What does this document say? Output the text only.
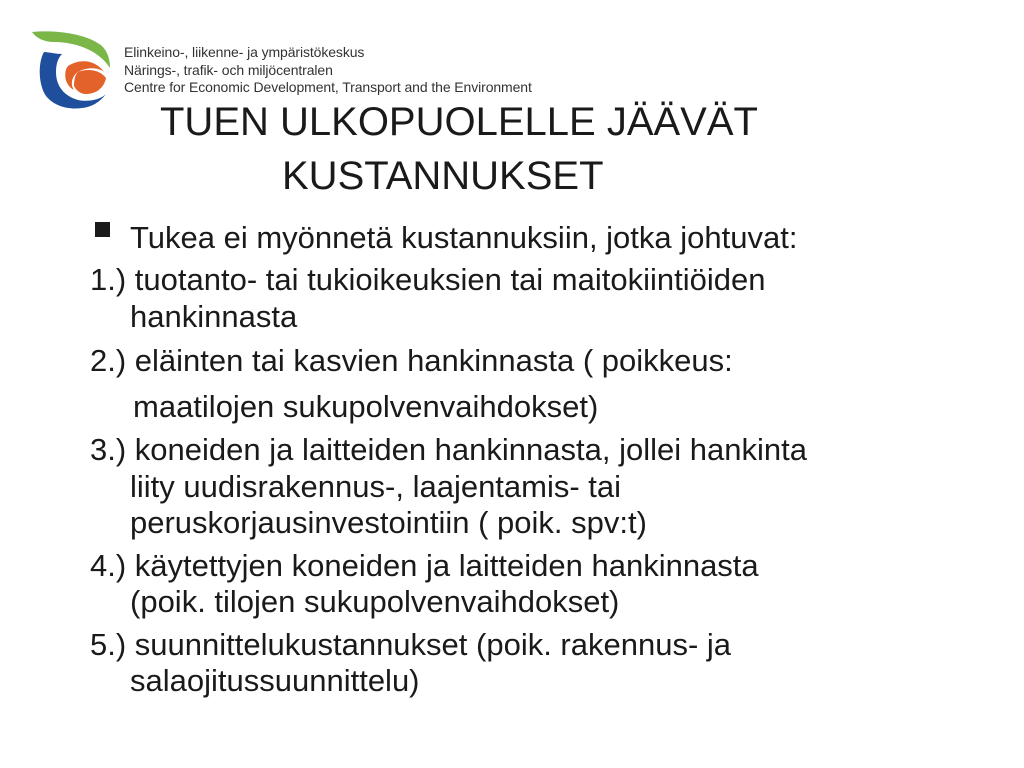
Elinkeino-, liikenne- ja ympäristökeskus
Närings-, trafik- och miljöcentralen
Centre for Economic Development, Transport and the Environment
TUEN ULKOPUOLELLE JÄÄVÄT
KUSTANNUKSET
Tukea ei myönnetä kustannuksiin, jotka johtuvat:
1.) tuotanto- tai tukioikeuksien tai maitokiintiöiden
hankinnasta
2.) eläinten tai kasvien hankinnasta ( poikkeus:
maatilojen sukupolvenvaihdokset)
3.) koneiden ja laitteiden hankinnasta, jollei hankinta
liity uudisrakennus-, laajentamis- tai
peruskorjausinvestointiin ( poik. spv:t)
4.) käytettyjen koneiden ja laitteiden hankinnasta
(poik. tilojen sukupolvenvaihdokset)
5.) suunnittelukustannukset (poik. rakennus- ja
salaojitussuunnittelu)
